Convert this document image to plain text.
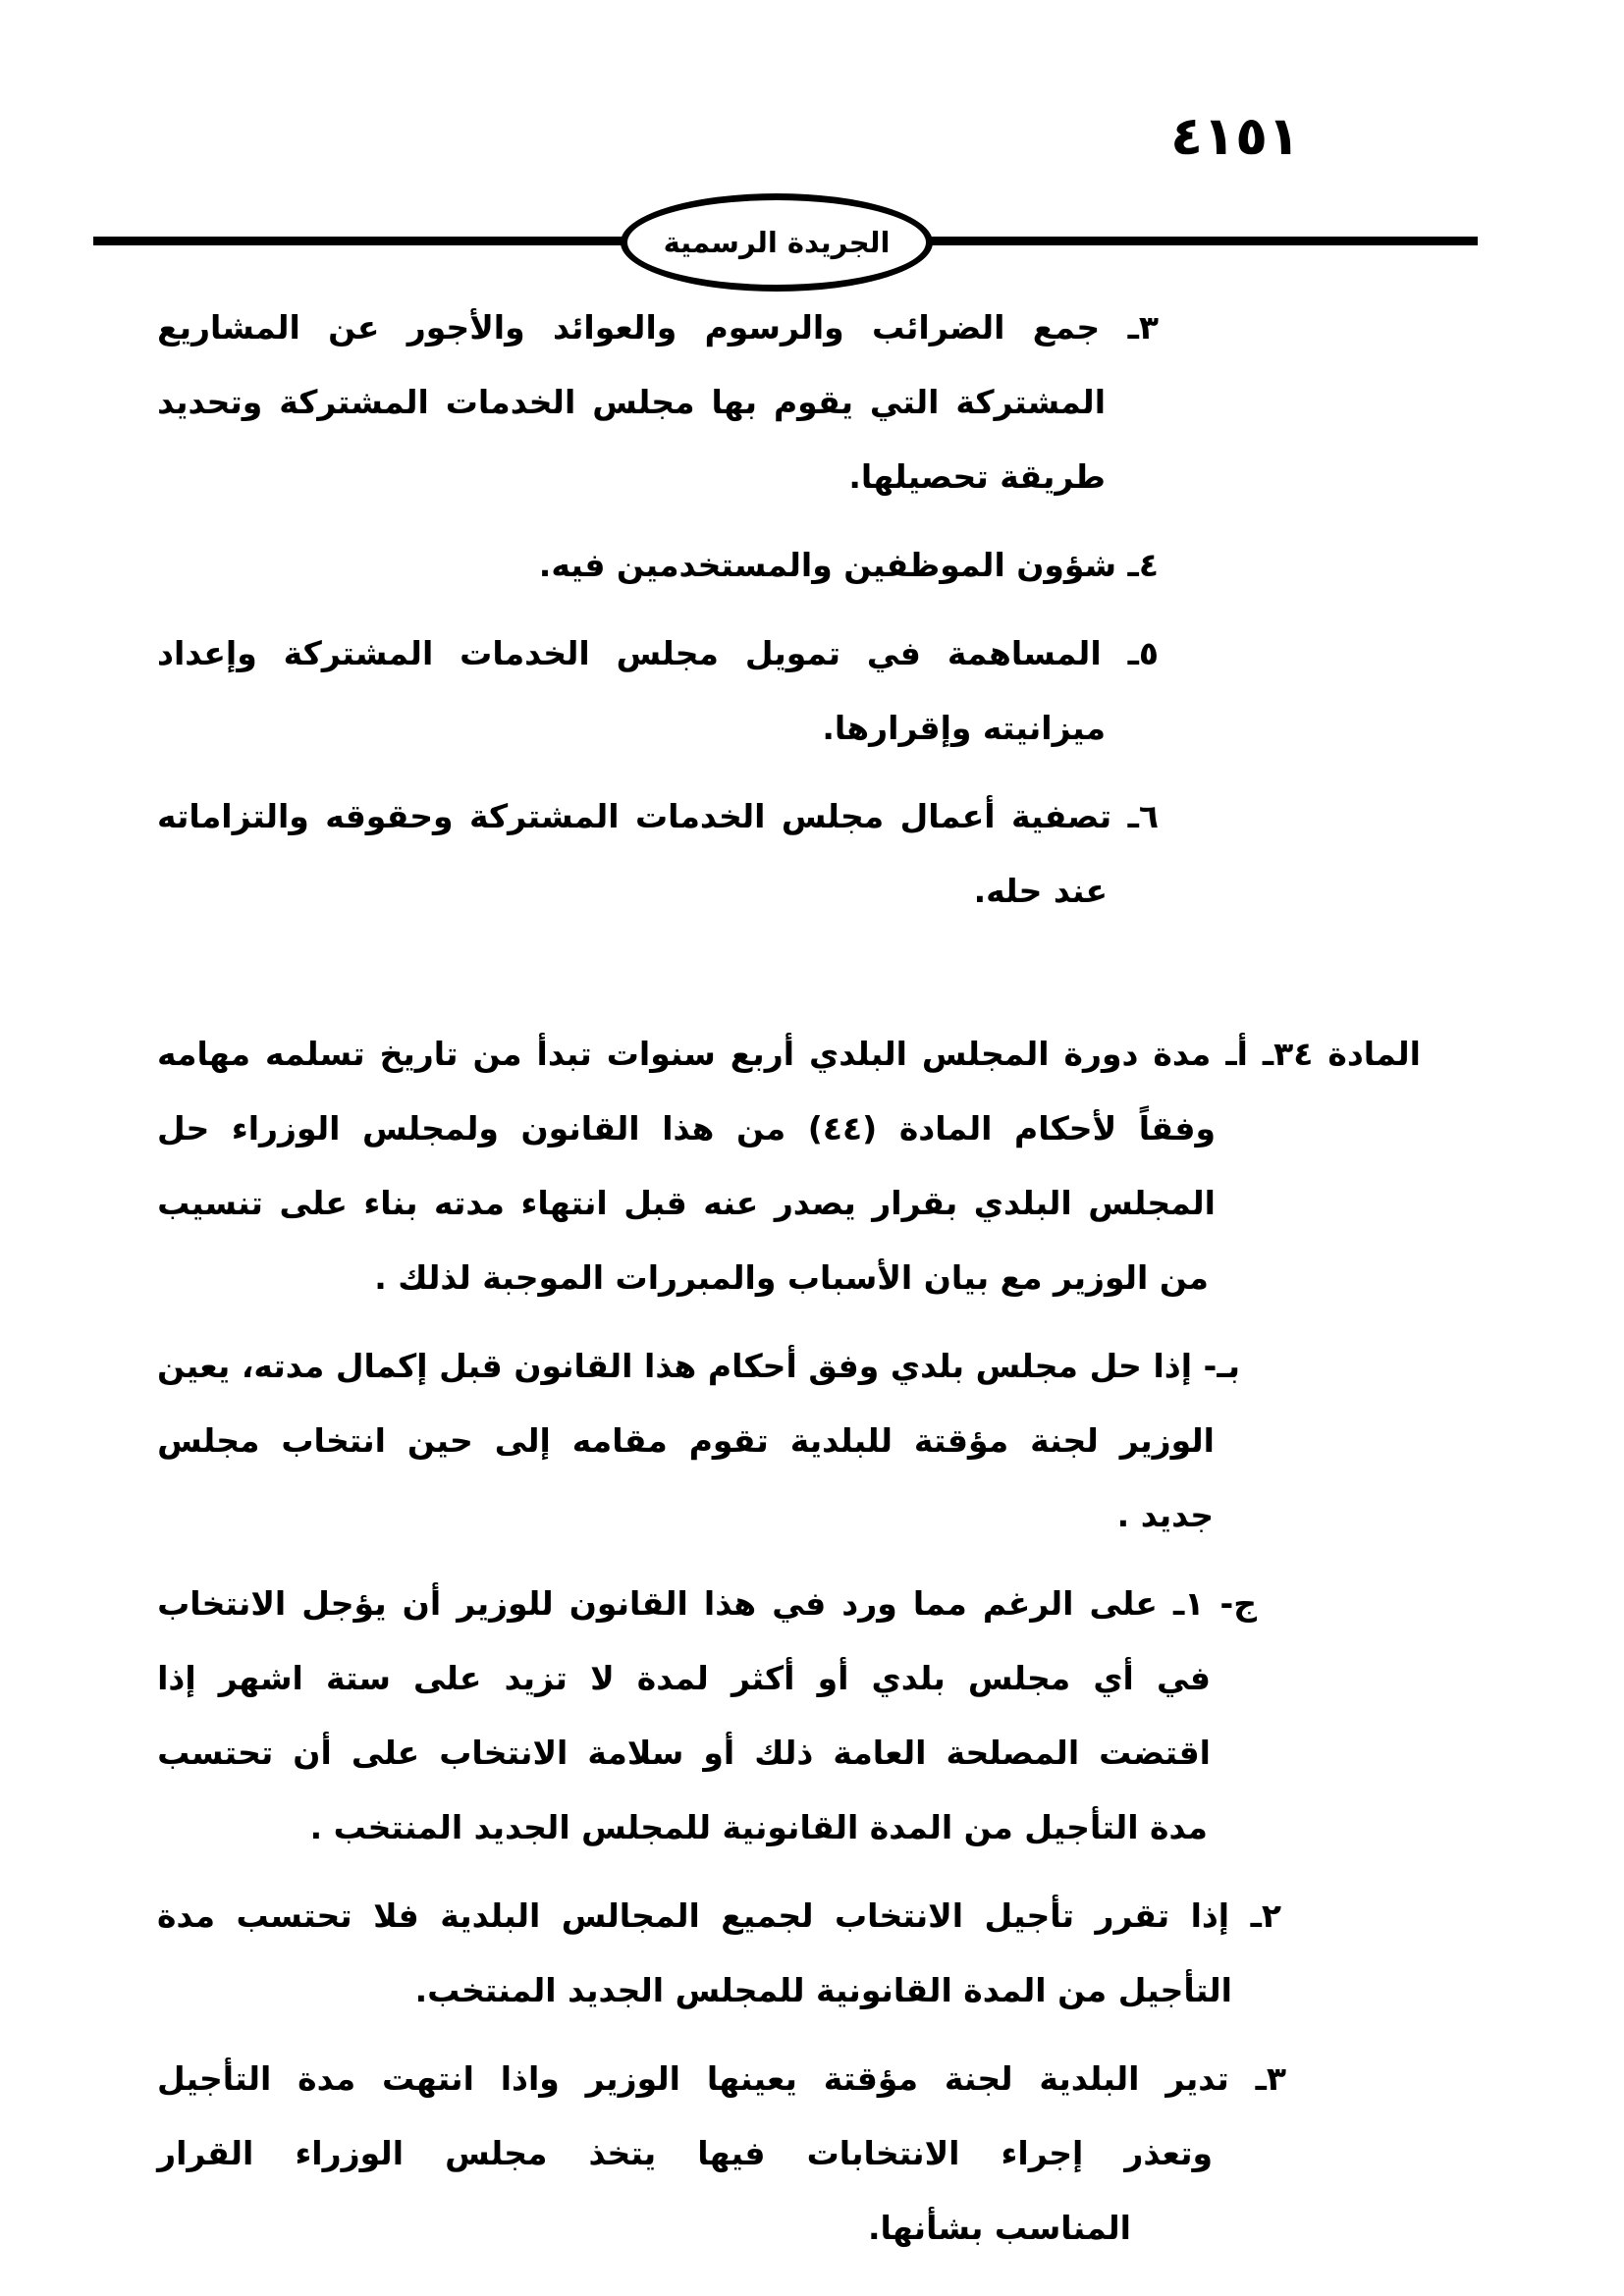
٤١٥١
الجريدة الرسمية
٣ـ
جمع
الضرائب
والرسوم
والعوائد
والأجور
عن
المشاريع
المشتركة
التي
يقوم
بها
مجلس
الخدمات
المشتركة
وتحديد
طريقة تحصيلها.
٤ـ شؤون الموظفين والمستخدمين فيه.
٥ـ
المساهمة
في
تمويل
مجلس
الخدمات
المشتركة
وإعداد
ميزانيته وإقرارها.
٦ـ
تصفية
أعمال
مجلس
الخدمات
المشتركة
وحقوقه
والتزاماته
عند حله.
المادة
٣٤ـ
أـ
مدة
دورة
المجلس
البلدي
أربع
سنوات
تبدأ
من
تاريخ
تسلمه
مهامه
وفقاً
لأحكام
المادة
(٤٤)
من
هذا
القانون
ولمجلس
الوزراء
حل
المجلس
البلدي
بقرار
يصدر
عنه
قبل
انتهاء
مدته
بناء
على
تنسيب
من الوزير مع بيان الأسباب والمبررات الموجبة لذلك .
بـ-
إذا
حل
مجلس
بلدي
وفق
أحكام
هذا
القانون
قبل
إكمال
مدته،
يعين
الوزير
لجنة
مؤقتة
للبلدية
تقوم
مقامه
إلى
حين
انتخاب
مجلس
جديد .
ج-
١ـ
على
الرغم
مما
ورد
في
هذا
القانون
للوزير
أن
يؤجل
الانتخاب
في
أي
مجلس
بلدي
أو
أكثر
لمدة
لا
تزيد
على
ستة
اشهر
إذا
اقتضت
المصلحة
العامة
ذلك
أو
سلامة
الانتخاب
على
أن
تحتسب
مدة التأجيل من المدة القانونية للمجلس الجديد المنتخب .
٢ـ
إذا
تقرر
تأجيل
الانتخاب
لجميع
المجالس
البلدية
فلا
تحتسب
مدة
التأجيل من المدة القانونية للمجلس الجديد المنتخب.
٣ـ
تدير
البلدية
لجنة
مؤقتة
يعينها
الوزير
واذا
انتهت
مدة
التأجيل
وتعذر
إجراء
الانتخابات
فيها
يتخذ
مجلس
الوزراء
القرار
المناسب بشأنها.
